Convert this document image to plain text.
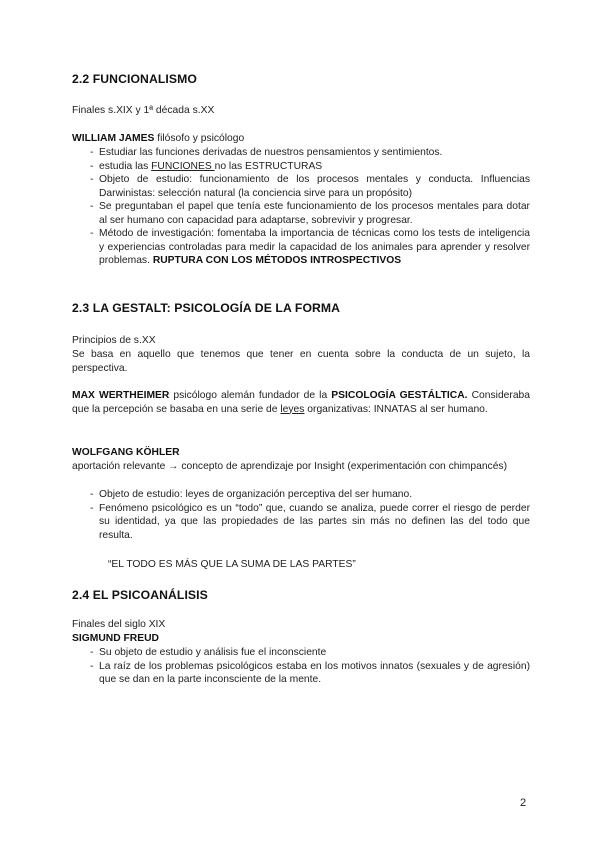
2.2 FUNCIONALISMO

Finales s.XIX y 1ª década s.XX

WILLIAM JAMES filósofo y psicólogo

- Estudiar las funciones derivadas de nuestros pensamientos y sentimientos.
- estudia las FUNCIONES no las ESTRUCTURAS
- Objeto de estudio: funcionamiento de los procesos mentales y conducta. Influencias Darwinistas: selección natural (la conciencia sirve para un propósito)
- Se preguntaban el papel que tenía este funcionamiento de los procesos mentales para dotar al ser humano con capacidad para adaptarse, sobrevivir y progresar.
- Método de investigación: fomentaba la importancia de técnicas como los tests de inteligencia y experiencias controladas para medir la capacidad de los animales para aprender y resolver problemas. RUPTURA CON LOS MÉTODOS INTROSPECTIVOS
2.3 LA GESTALT: PSICOLOGÍA DE LA FORMA

Principios de s.XX

Se basa en aquello que tenemos que tener en cuenta sobre la conducta de un sujeto, la perspectiva.

MAX WERTHEIMER psicólogo alemán fundador de la PSICOLOGÍA GESTÁLTICA. Consideraba que la percepción se basaba en una serie de leyes organizativas: INNATAS al ser humano.

WOLFGANG KÖHLER

aportación relevante → concepto de aprendizaje por Insight (experimentación con chimpancés)

- Objeto de estudio: leyes de organización perceptiva del ser humano.
- Fenómeno psicológico es un “todo” que, cuando se analiza, puede correr el riesgo de perder su identidad, ya que las propiedades de las partes sin más no definen las del todo que resulta.

“EL TODO ES MÁS QUE LA SUMA DE LAS PARTES”

2.4 EL PSICOANÁLISIS

Finales del siglo XIX

SIGMUND FREUD

- Su objeto de estudio y análisis fue el inconsciente
- La raíz de los problemas psicológicos estaba en los motivos innatos (sexuales y de agresión) que se dan en la parte inconsciente de la mente.
2
